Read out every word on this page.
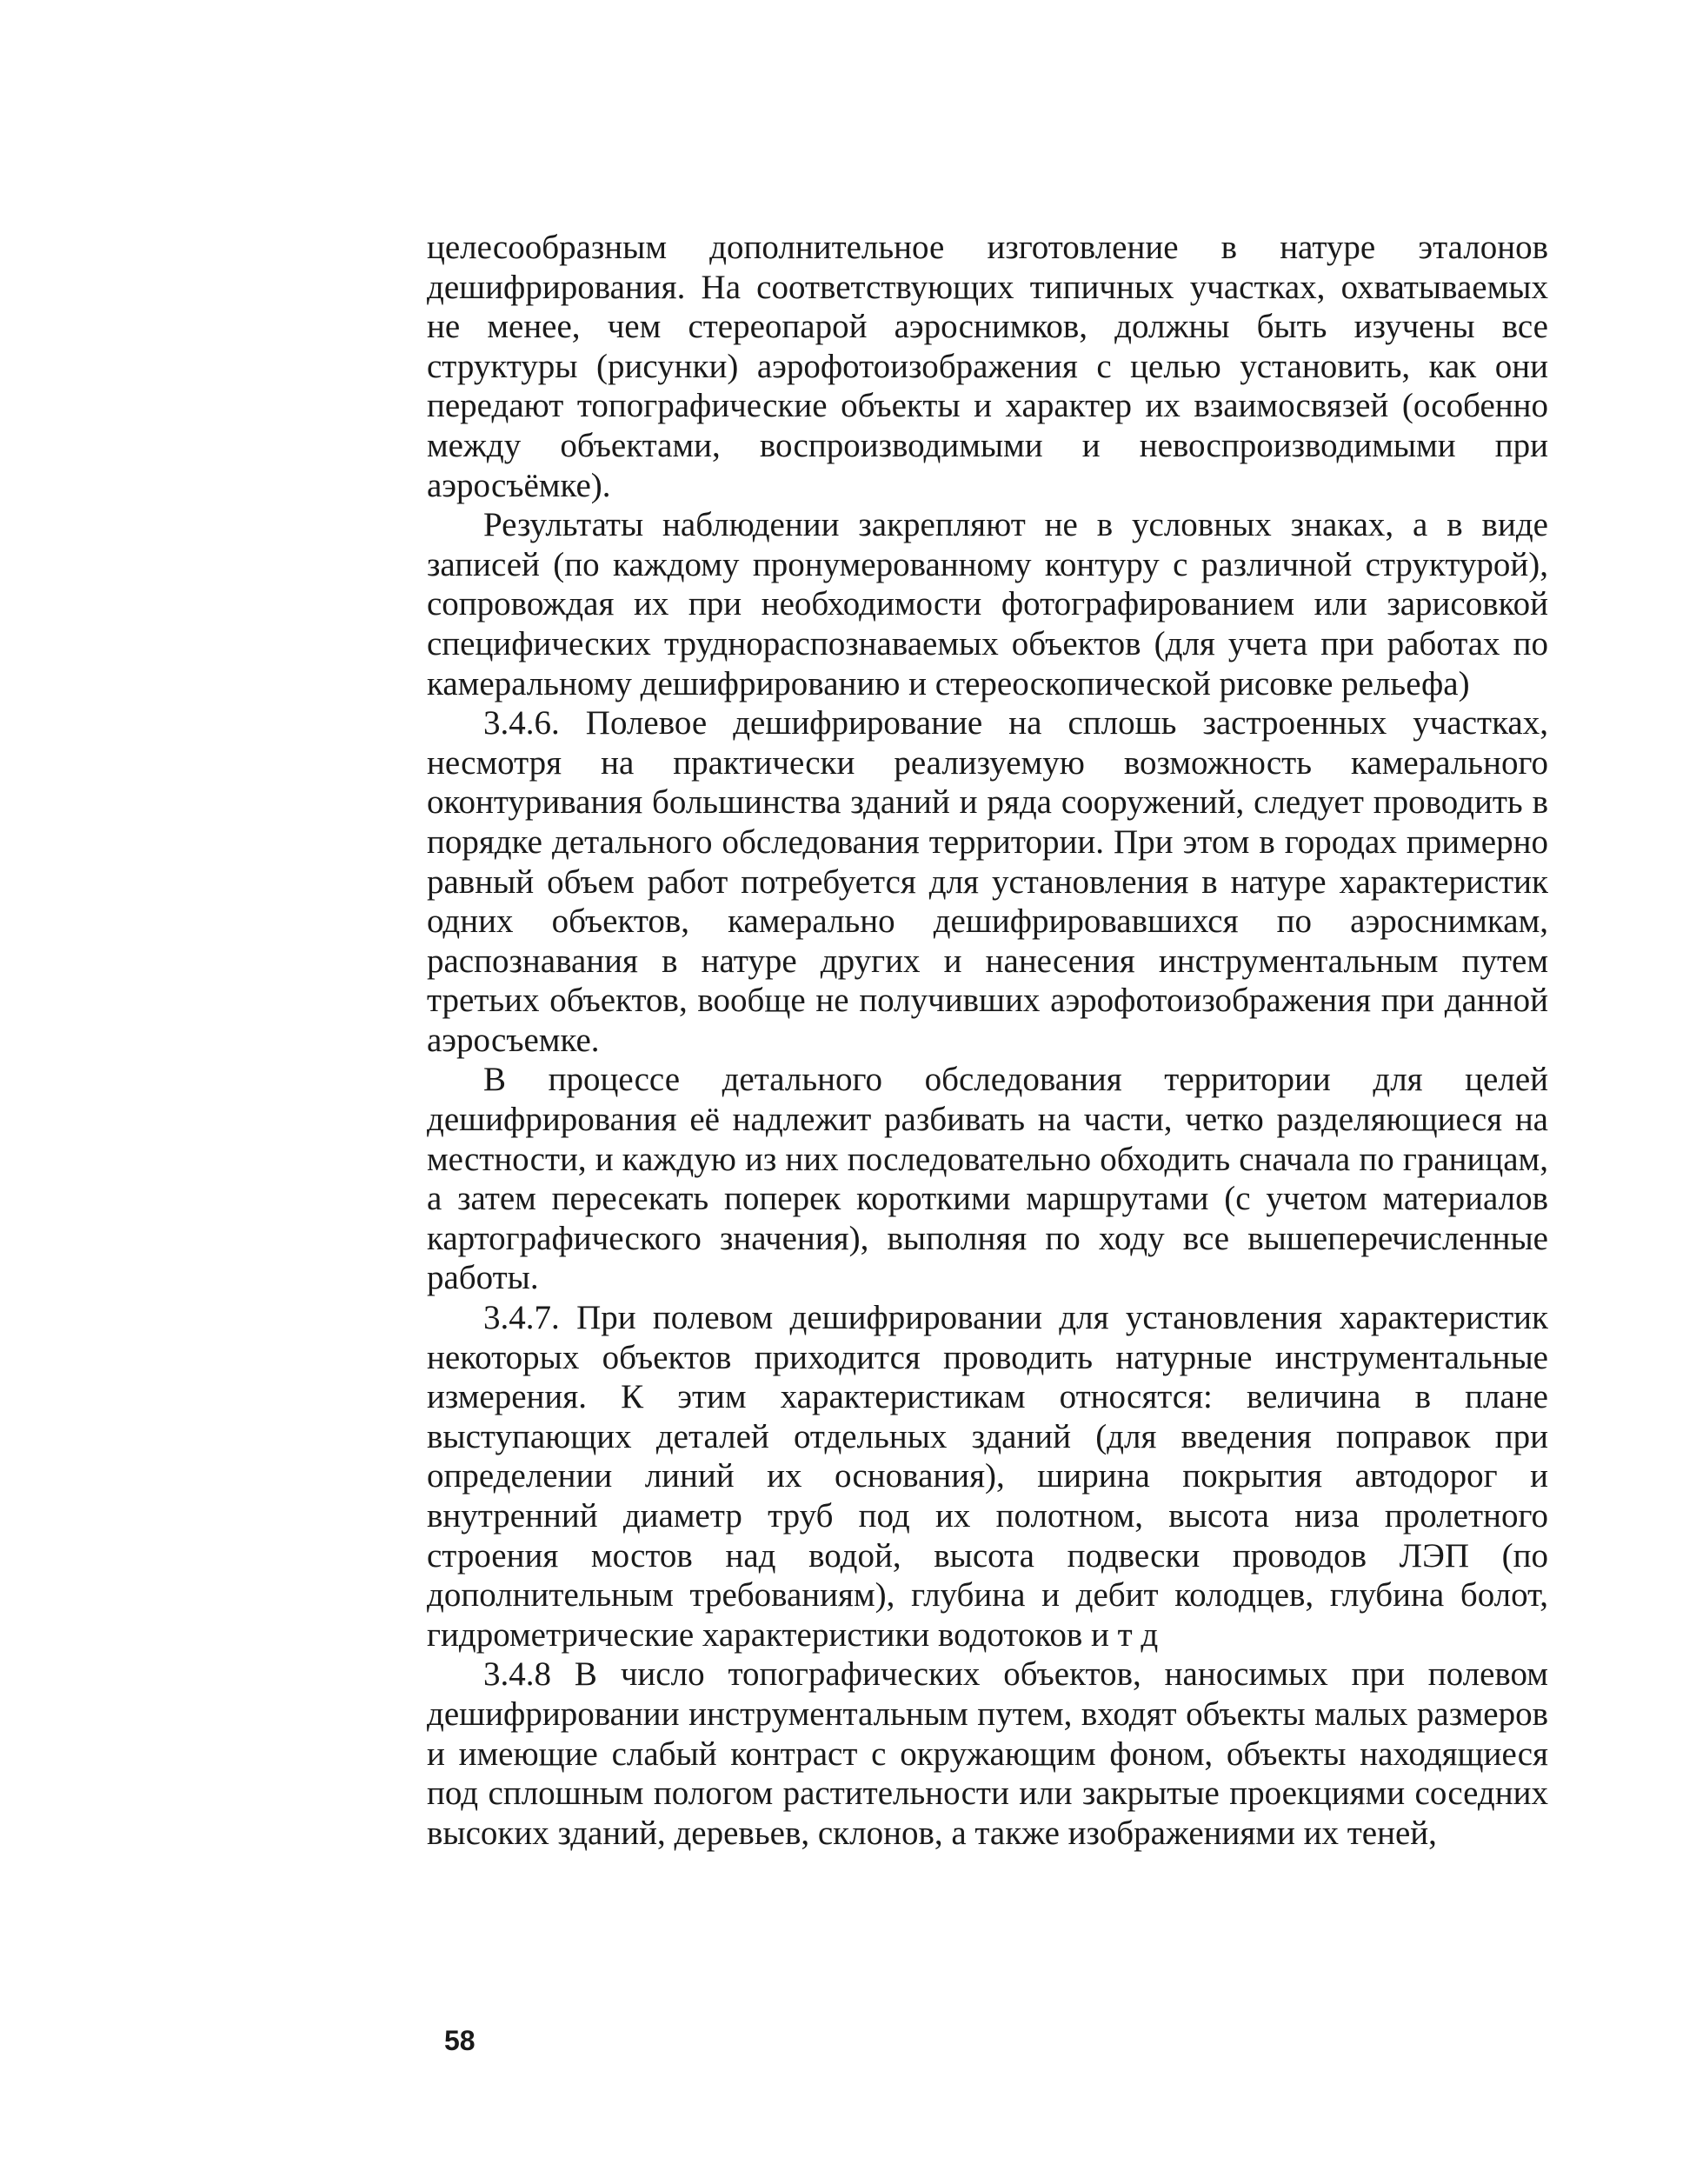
целесообразным дополнительное изготовление в натуре эталонов дешифрирования. На соответствующих типичных участках, охватываемых не менее, чем стереопарой аэроснимков, должны быть изучены все структуры (рисунки) аэрофотоизображения с целью установить, как они передают топографические объекты и характер их взаимосвязей (особенно между объектами, воспроизводимыми и невоспроизводимыми при аэросъёмке).

Результаты наблюдении закрепляют не в условных знаках, а в виде записей (по каждому пронумерованному контуру с различной структурой), сопровождая их при необходимости фотографированием или зарисовкой специфических труднораспознаваемых объектов (для учета при работах по камеральному дешифрированию и стереоскопической рисовке рельефа)

3.4.6. Полевое дешифрирование на сплошь застроенных участках, несмотря на практически реализуемую возможность камерального оконтуривания большинства зданий и ряда сооружений, следует проводить в порядке детального обследования территории. При этом в городах примерно равный объем работ потребуется для установления в натуре характеристик одних объектов, камерально дешифрировавшихся по аэроснимкам, распознавания в натуре других и нанесения инструментальным путем третьих объектов, вообще не получивших аэрофотоизображения при данной аэросъемке.

В процессе детального обследования территории для целей дешифрирования её надлежит разбивать на части, четко разделяющиеся на местности, и каждую из них последовательно обходить сначала по границам, а затем пересекать поперек короткими маршрутами (с учетом материалов картографического значения), выполняя по ходу все вышеперечисленные работы.

3.4.7. При полевом дешифрировании для установления характеристик некоторых объектов приходится проводить натурные инструментальные измерения. К этим характеристикам относятся: величина в плане выступающих деталей отдельных зданий (для введения поправок при определении линий их основания), ширина покрытия автодорог и внутренний диаметр труб под их полотном, высота низа пролетного строения мостов над водой, высота подвески проводов ЛЭП (по дополнительным требованиям), глубина и дебит колодцев, глубина болот, гидрометрические характеристики водотоков и т д

3.4.8 В число топографических объектов, наносимых при полевом дешифрировании инструментальным путем, входят объекты малых размеров и имеющие слабый контраст с окружающим фоном, объекты находящиеся под сплошным пологом растительности или закрытые проекциями соседних высоких зданий, деревьев, склонов, а также изображениями их теней,

58
